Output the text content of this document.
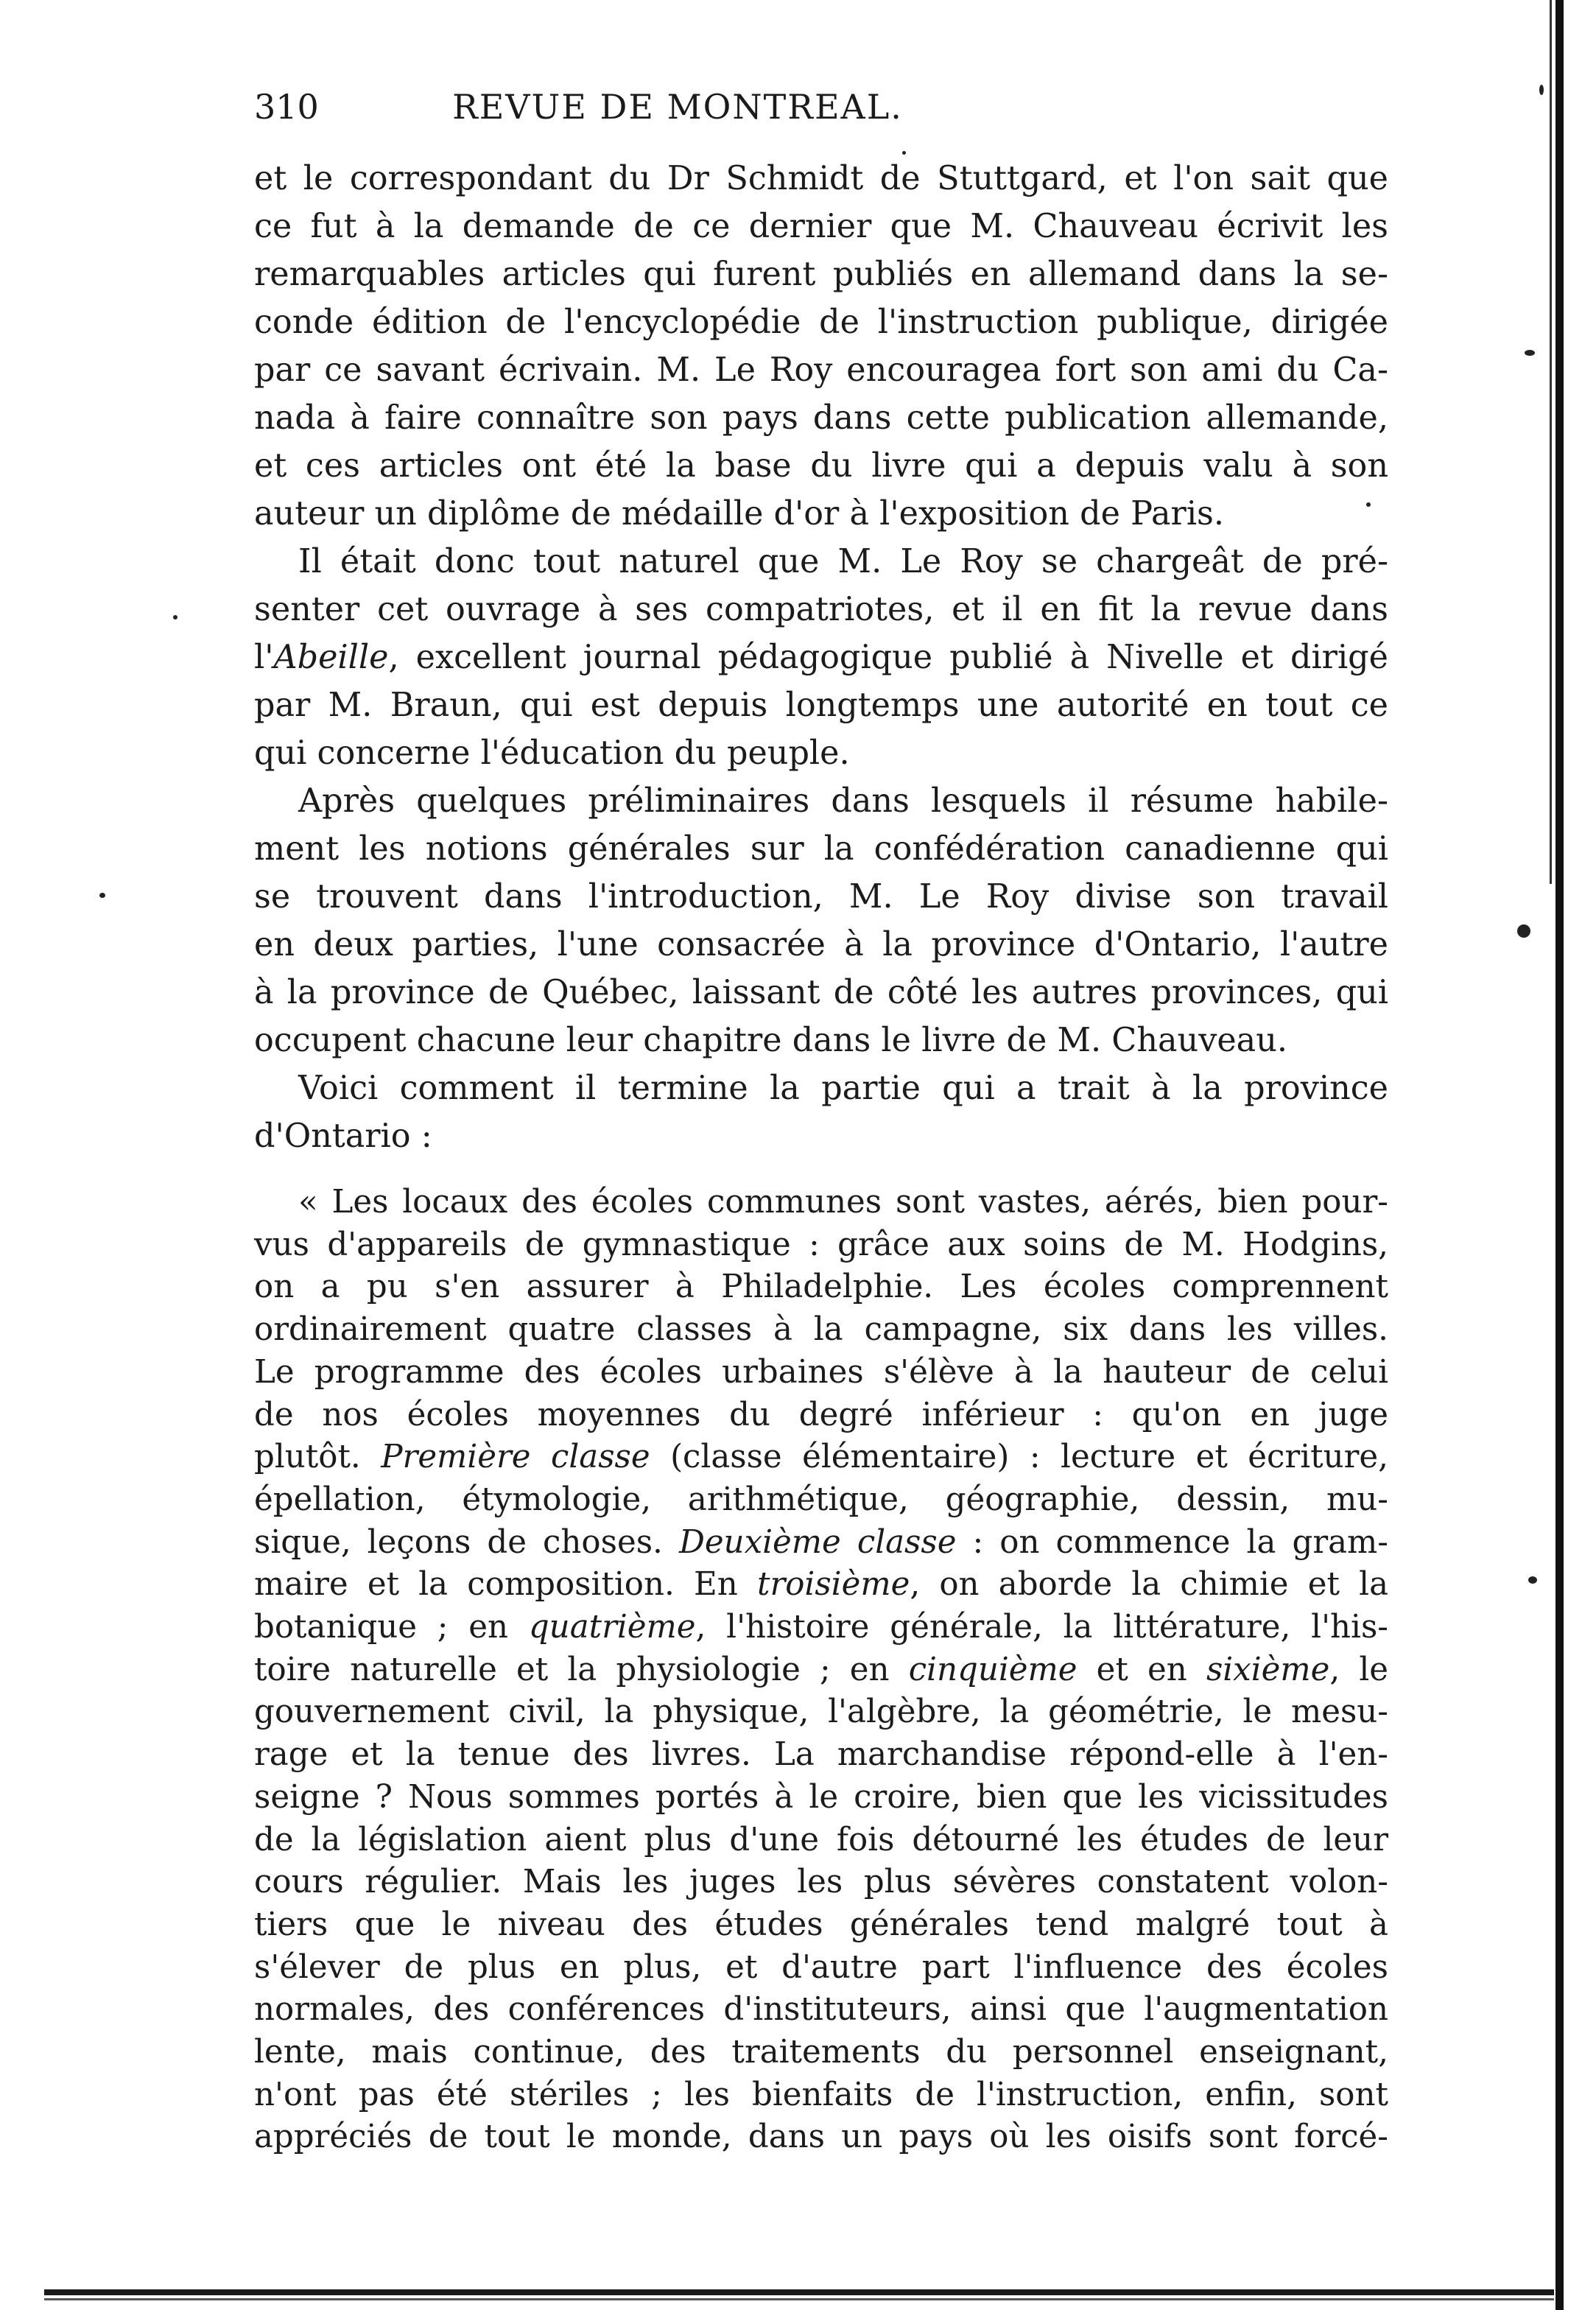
310	REVUE DE MONTREAL.

et le correspondant du Dr Schmidt de Stuttgard, et l'on sait que

ce fut à la demande de ce dernier que M. Chauveau écrivit les

remarquables articles qui furent publiés en allemand dans la se-

conde édition de l'encyclopédie de l'instruction publique, dirigée

par ce savant écrivain. M. Le Roy encouragea fort son ami du Ca-

nada à faire connaître son pays dans cette publication allemande,

et ces articles ont été la base du livre qui a depuis valu à son

auteur un diplôme de médaille d'or à l'exposition de Paris.

Il était donc tout naturel que M. Le Roy se chargeât de pré-

senter cet ouvrage à ses compatriotes, et il en fit la revue dans

l'Abeille, excellent journal pédagogique publié à Nivelle et dirigé

par M. Braun, qui est depuis longtemps une autorité en tout ce

qui concerne l'éducation du peuple.

Après quelques préliminaires dans lesquels il résume habile-

ment les notions générales sur la confédération canadienne qui

se trouvent dans l'introduction, M. Le Roy divise son travail

en deux parties, l'une consacrée à la province d'Ontario, l'autre

à la province de Québec, laissant de côté les autres provinces, qui

occupent chacune leur chapitre dans le livre de M. Chauveau.

Voici comment il termine la partie qui a trait à la province

d'Ontario :

« Les locaux des écoles communes sont vastes, aérés, bien pour-

vus d'appareils de gymnastique : grâce aux soins de M. Hodgins,

on a pu s'en assurer à Philadelphie. Les écoles comprennent

ordinairement quatre classes à la campagne, six dans les villes.

Le programme des écoles urbaines s'élève à la hauteur de celui

de nos écoles moyennes du degré inférieur : qu'on en juge

plutôt. Première classe (classe élémentaire) : lecture et écriture,

épellation, étymologie, arithmétique, géographie, dessin, mu-

sique, leçons de choses. Deuxième classe : on commence la gram-

maire et la composition. En troisième, on aborde la chimie et la

botanique ; en quatrième, l'histoire générale, la littérature, l'his-

toire naturelle et la physiologie ; en cinquième et en sixième, le

gouvernement civil, la physique, l'algèbre, la géométrie, le mesu-

rage et la tenue des livres. La marchandise répond-elle à l'en-

seigne ? Nous sommes portés à le croire, bien que les vicissitudes

de la législation aient plus d'une fois détourné les études de leur

cours régulier. Mais les juges les plus sévères constatent volon-

tiers que le niveau des études générales tend malgré tout à

s'élever de plus en plus, et d'autre part l'influence des écoles

normales, des conférences d'instituteurs, ainsi que l'augmentation

lente, mais continue, des traitements du personnel enseignant,

n'ont pas été stériles ; les bienfaits de l'instruction, enfin, sont

appréciés de tout le monde, dans un pays où les oisifs sont forcé-
